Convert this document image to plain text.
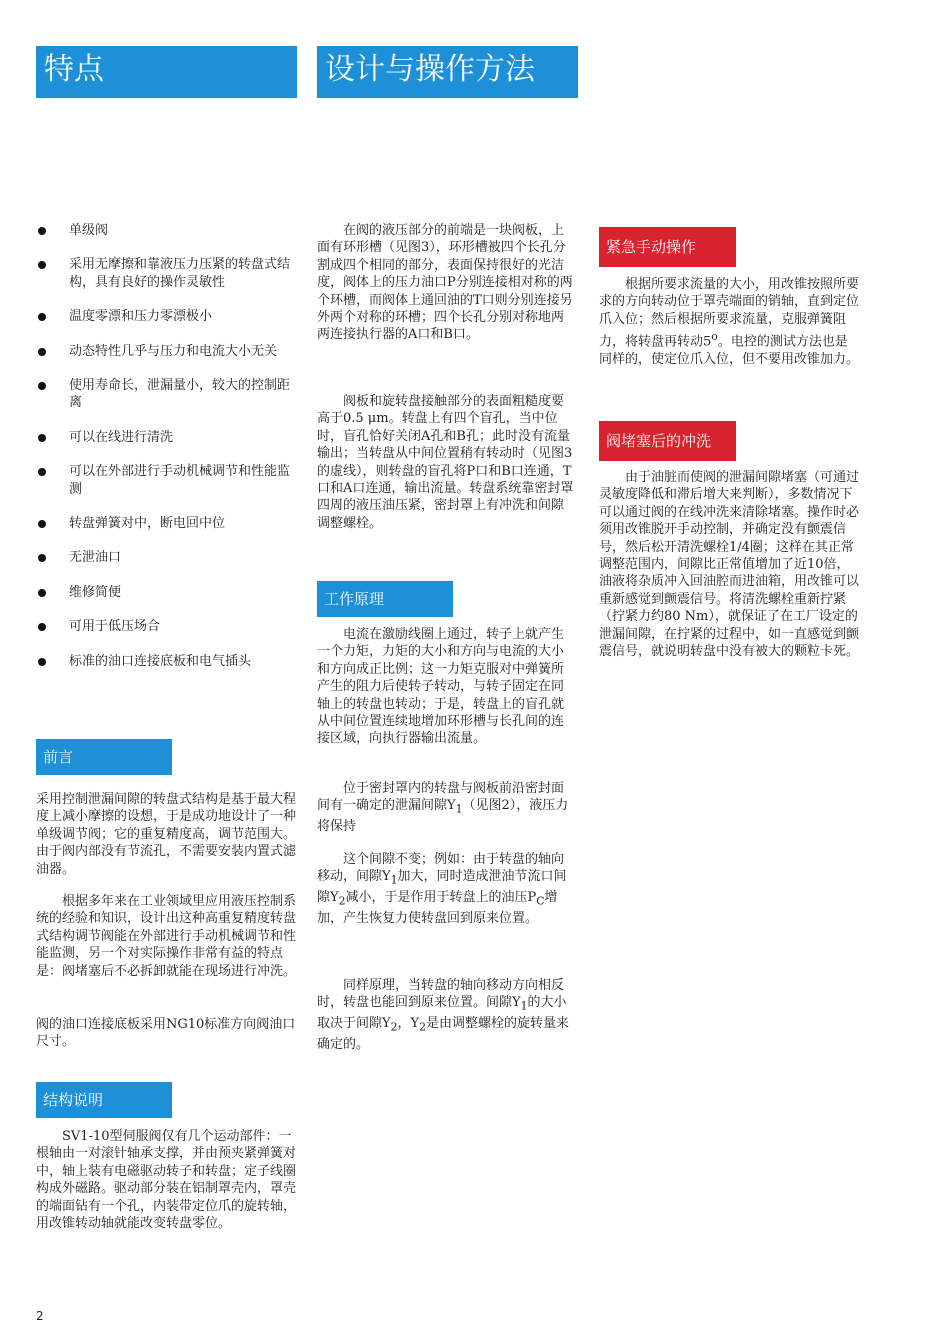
特点	设计与操作方法
单级阀
采用无摩擦和靠液压力压紧的转盘式结构，具有良好的操作灵敏性
温度零漂和压力零漂极小
动态特性几乎与压力和电流大小无关
使用寿命长，泄漏量小，较大的控制距离
可以在线进行清洗
可以在外部进行手动机械调节和性能监测
转盘弹簧对中，断电回中位
无泄油口
维修简便
可用于低压场合
标准的油口连接底板和电气插头
前言

采用控制泄漏间隙的转盘式结构是基于最大程度上减小摩擦的设想，于是成功地设计了一种单级调节阀；它的重复精度高，调节范围大。由于阀内部没有节流孔，不需要安装内置式滤油器。

根据多年来在工业领域里应用液压控制系统的经验和知识，设计出这种高重复精度转盘式结构调节阀能在外部进行手动机械调节和性能监测，另一个对实际操作非常有益的特点是：阀堵塞后不必拆卸就能在现场进行冲洗。

阀的油口连接底板采用NG10标准方向阀油口尺寸。

结构说明

SV1-10型伺服阀仅有几个运动部件：一根轴由一对滚针轴承支撑，并由预夹紧弹簧对中，轴上装有电磁驱动转子和转盘；定子线圈构成外磁路。驱动部分装在铝制罩壳内，罩壳的端面钻有一个孔，内装带定位爪的旋转轴，用改锥转动轴就能改变转盘零位。

在阀的液压部分的前端是一块阀板，上面有环形槽（见图3），环形槽被四个长孔分割成四个相同的部分，表面保持很好的光洁度，阀体上的压力油口P分别连接相对称的两个环槽，而阀体上通回油的T口则分别连接另外两个对称的环槽；四个长孔分别对称地两两连接执行器的A口和B口。

阀板和旋转盘接触部分的表面粗糙度要高于0.5 μm。转盘上有四个盲孔，当中位时，盲孔恰好关闭A孔和B孔；此时没有流量输出；当转盘从中间位置稍有转动时（见图3的虚线），则转盘的盲孔将P口和B口连通，T口和A口连通，输出流量。转盘系统靠密封罩四周的液压油压紧，密封罩上有冲洗和间隙调整螺栓。

工作原理

电流在激励线圈上通过，转子上就产生一个力矩，力矩的大小和方向与电流的大小和方向成正比例；这一力矩克服对中弹簧所产生的阻力后使转子转动，与转子固定在同轴上的转盘也转动；于是，转盘上的盲孔就从中间位置连续地增加环形槽与长孔间的连接区域，向执行器输出流量。

位于密封罩内的转盘与阀板前沿密封面间有一确定的泄漏间隙$Y_1$（见图2），液压力将保持

这个间隙不变；例如：由于转盘的轴向移动，间隙$Y_1$加大，同时造成泄油节流口间隙$Y_2$减小，于是作用于转盘上的油压$P_C$增加，产生恢复力使转盘回到原来位置。

同样原理，当转盘的轴向移动方向相反时，转盘也能回到原来位置。间隙$Y_1$的大小取决于间隙$Y_2$，$Y_2$是由调整螺栓的旋转量来确定的。

紧急手动操作

根据所要求流量的大小，用改锥按照所要求的方向转动位于罩壳端面的销轴，直到定位爪入位；然后根据所要求流量，克服弹簧阻力，将转盘再转动5$^o$。电控的测试方法也是同样的，使定位爪入位，但不要用改锥加力。

阀堵塞后的冲洗

由于油脏而使阀的泄漏间隙堵塞（可通过灵敏度降低和滞后增大来判断），多数情况下可以通过阀的在线冲洗来清除堵塞。操作时必须用改锥脱开手动控制，并确定没有颤震信号，然后松开清洗螺栓1/4圈；这样在其正常调整范围内，间隙比正常值增加了近10倍，油液将杂质冲入回油腔而进油箱，用改锥可以重新感觉到颤震信号。将清洗螺栓重新拧紧（拧紧力约80 Nm），就保证了在工厂设定的泄漏间隙，在拧紧的过程中，如一直感觉到颤震信号，就说明转盘中没有被大的颗粒卡死。

2
